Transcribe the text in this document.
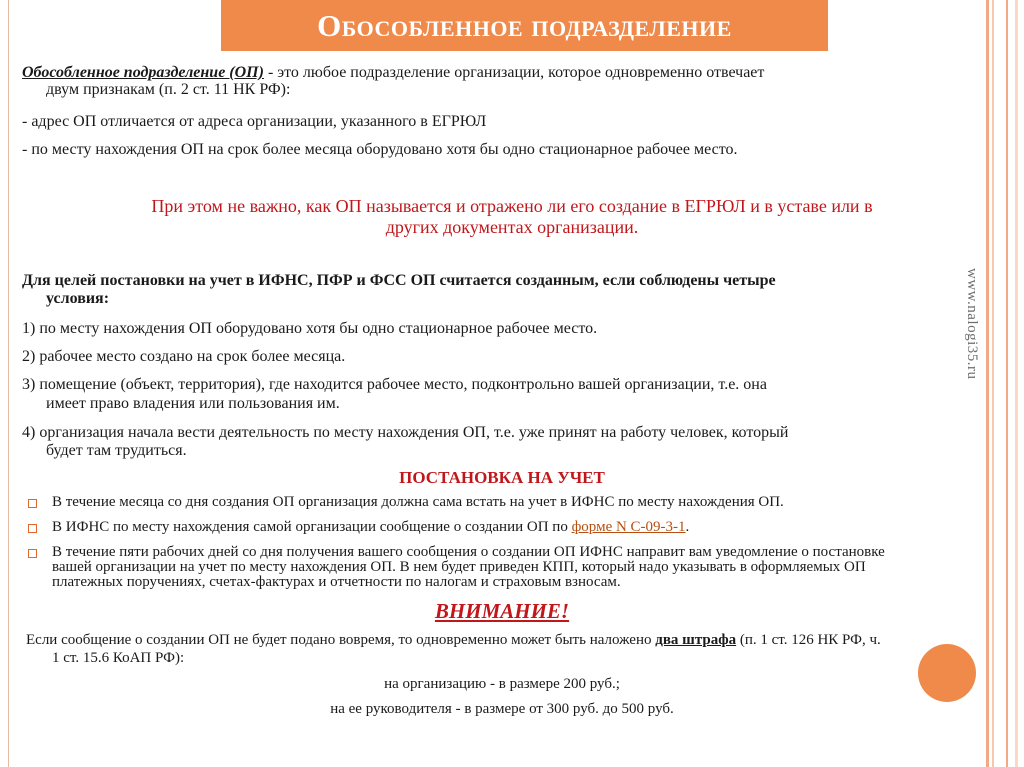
Обособленное подразделение
www.nalogi35.ru
Обособленное подразделение (ОП) - это любое подразделение организации, которое одновременно отвечает
двум признакам (п. 2 ст. 11 НК РФ):
- адрес ОП отличается от адреса организации, указанного в ЕГРЮЛ
- по месту нахождения ОП на срок более месяца оборудовано хотя бы одно стационарное рабочее место.
При этом не важно, как ОП называется и отражено ли его создание в ЕГРЮЛ и в уставе или в
других документах организации.
Для целей постановки на учет в ИФНС, ПФР и ФСС ОП считается созданным, если соблюдены четыре
условия:
1) по месту нахождения ОП оборудовано хотя бы одно стационарное рабочее место.
2) рабочее место создано на срок более месяца.
3) помещение (объект, территория), где находится рабочее место, подконтрольно вашей организации, т.е. она
имеет право владения или пользования им.
4) организация начала вести деятельность по месту нахождения ОП, т.е. уже принят на работу человек, который
будет там трудиться.
ПОСТАНОВКА НА УЧЕТ
В течение месяца со дня создания ОП организация должна сама встать на учет в ИФНС по месту нахождения ОП.
В ИФНС по месту нахождения самой организации сообщение о создании ОП по форме N С-09-3-1.
В течение пяти рабочих дней со дня получения вашего сообщения о создании ОП ИФНС направит вам уведомление о постановке
вашей организации на учет по месту нахождения ОП. В нем будет приведен КПП, который надо указывать в оформляемых ОП
платежных поручениях, счетах-фактурах и отчетности по налогам и страховым взносам.
ВНИМАНИЕ!
Если сообщение о создании ОП не будет подано вовремя, то одновременно может быть наложено два штрафа (п. 1 ст. 126 НК РФ, ч.
1 ст. 15.6 КоАП РФ):
на организацию - в размере 200 руб.;
на ее руководителя - в размере от 300 руб. до 500 руб.
